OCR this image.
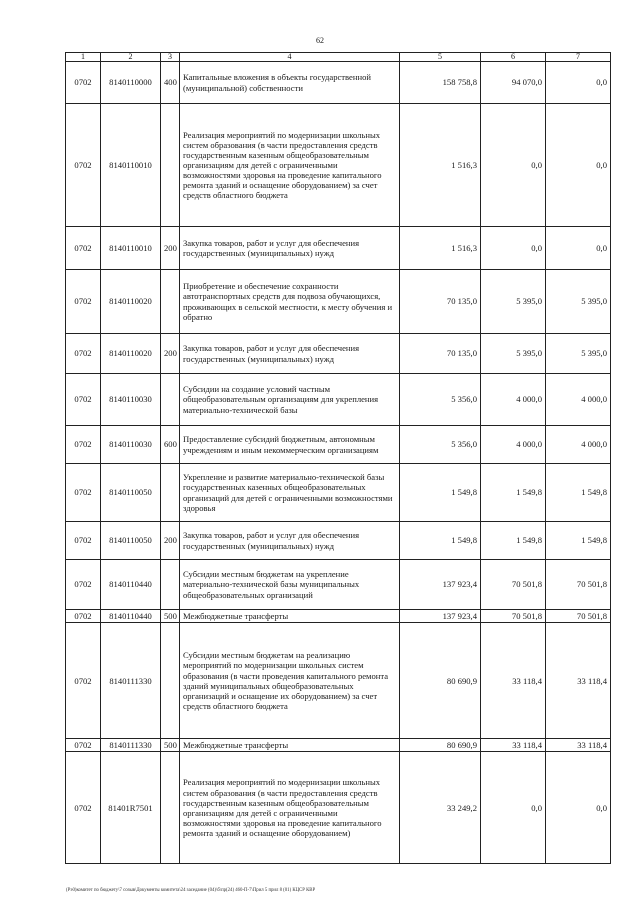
62
1	2	3	4	5	6	7
0702	8140110000	400	Капитальные вложения в объекты государственной (муниципальной) собственности	158 758,8	94 070,0	0,0
0702	8140110010		Реализация мероприятий по модернизации школьных систем образования (в части предоставления средств государственным казенным общеобразовательным организациям для детей с ограниченными возможностями здоровья на проведение капитального ремонта зданий и оснащение оборудованием) за счет средств областного бюджета	1 516,3	0,0	0,0
0702	8140110010	200	Закупка товаров, работ и услуг для обеспечения государственных (муниципальных) нужд	1 516,3	0,0	0,0
0702	8140110020		Приобретение и обеспечение сохранности автотранспортных средств для подвоза обучающихся, проживающих в сельской местности, к месту обучения и обратно	70 135,0	5 395,0	5 395,0
0702	8140110020	200	Закупка товаров, работ и услуг для обеспечения государственных (муниципальных) нужд	70 135,0	5 395,0	5 395,0
0702	8140110030		Субсидии на создание условий частным общеобразовательным организациям для укрепления материально-технической базы	5 356,0	4 000,0	4 000,0
0702	8140110030	600	Предоставление субсидий бюджетным, автономным учреждениям и иным некоммерческим организациям	5 356,0	4 000,0	4 000,0
0702	8140110050		Укрепление и развитие материально-технической базы государственных казенных общеобразовательных организаций для детей с ограниченными возможностями здоровья	1 549,8	1 549,8	1 549,8
0702	8140110050	200	Закупка товаров, работ и услуг для обеспечения государственных (муниципальных) нужд	1 549,8	1 549,8	1 549,8
0702	8140110440		Субсидии местным бюджетам на укрепление материально-технической базы муниципальных общеобразовательных организаций	137 923,4	70 501,8	70 501,8
0702	8140110440	500	Межбюджетные трансферты	137 923,4	70 501,8	70 501,8
0702	8140111330		Субсидии местным бюджетам на реализацию мероприятий по модернизации школьных систем образования (в части проведения капитального ремонта зданий муниципальных общеобразовательных организаций и оснащение их оборудованием) за счет средств областного бюджета	80 690,9	33 118,4	33 118,4
0702	8140111330	500	Межбюджетные трансферты	80 690,9	33 118,4	33 118,4
0702	81401R7501		Реализация мероприятий по модернизации школьных систем образования (в части предоставления средств государственным казенным общеобразовательным организациям для детей с ограниченными возможностями здоровья на проведение капитального ремонта зданий и оснащение оборудованием)	33 249,2	0,0	0,0
(Рэ0)комитет по бюджету\7 созыв\Документы комитета\24 заседание (04)\б\пр(24) 460-П-7\Прил 5 прил 8 (01) КЦСР КВР
